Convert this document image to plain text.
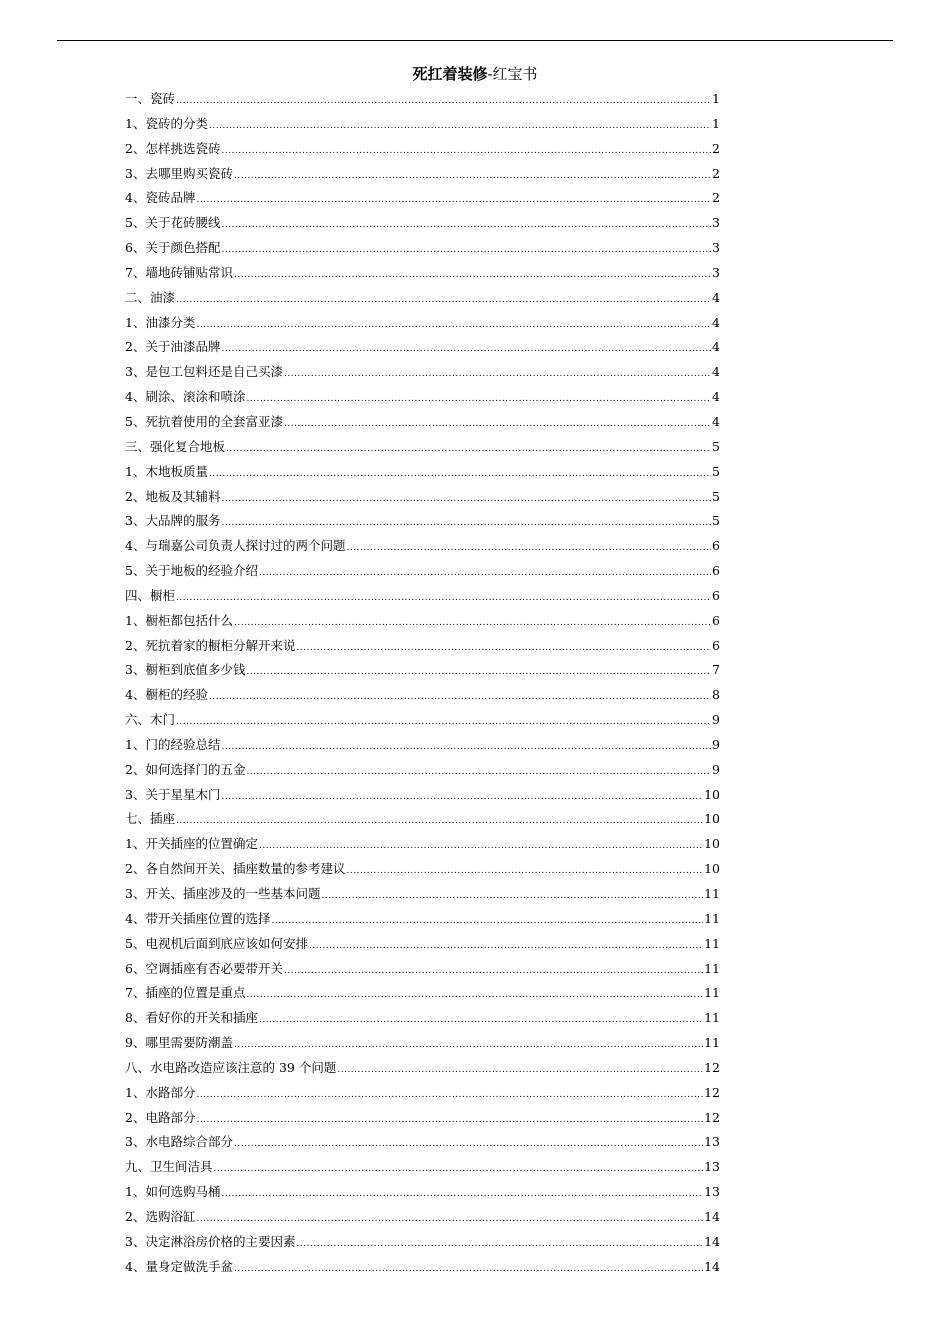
死扛着装修-红宝书
一、瓷砖 .....	1
1、瓷砖的分类 .....	1
2、怎样挑选瓷砖 .....	2
3、去哪里购买瓷砖 .....	2
4、瓷砖品牌 .....	2
5、关于花砖腰线 .....	3
6、关于颜色搭配 .....	3
7、墙地砖铺贴常识 .....	3
二、油漆 .....	4
1、油漆分类 .....	4
2、关于油漆品牌 .....	4
3、是包工包料还是自己买漆 .....	4
4、刷涂、滚涂和喷涂 .....	4
5、死抗着使用的全套富亚漆 .....	4
三、强化复合地板 .....	5
1、木地板质量 .....	5
2、地板及其辅料 .....	5
3、大品牌的服务 .....	5
4、与瑞嘉公司负责人探讨过的两个问题 .....	6
5、关于地板的经验介绍 .....	6
四、橱柜 .....	6
1、橱柜都包括什么 .....	6
2、死抗着家的橱柜分解开来说 .....	6
3、橱柜到底值多少钱 .....	7
4、橱柜的经验 .....	8
六、木门 .....	9
1、门的经验总结 .....	9
2、如何选择门的五金 .....	9
3、关于星星木门 .....	10
七、插座 .....	10
1、开关插座的位置确定 .....	10
2、各自然间开关、插座数量的参考建议 .....	10
3、开关、插座涉及的一些基本问题 .....	11
4、带开关插座位置的选择 .....	11
5、电视机后面到底应该如何安排 .....	11
6、空调插座有否必要带开关 .....	11
7、插座的位置是重点 .....	11
8、看好你的开关和插座 .....	11
9、哪里需要防潮盖 .....	11
八、水电路改造应该注意的 39 个问题 .....	12
1、水路部分 .....	12
2、电路部分 .....	12
3、水电路综合部分 .....	13
九、卫生间洁具 .....	13
1、如何选购马桶 .....	13
2、选购浴缸 .....	14
3、决定淋浴房价格的主要因素 .....	14
4、量身定做洗手盆 .....	14
